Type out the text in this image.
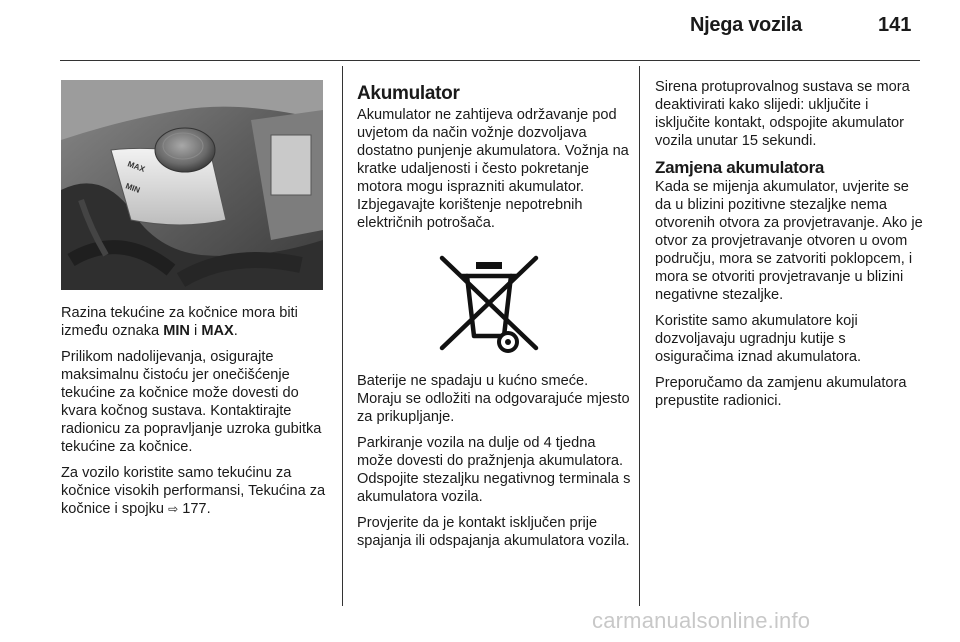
Njega vozila	141
MAX
MIN

Razina tekućine za kočnice mora biti između oznaka MIN i MAX.

Prilikom nadolijevanja, osigurajte maksimalnu čistoću jer onečišćenje tekućine za kočnice može dovesti do kvara kočnog sustava. Kontaktirajte radionicu za popravljanje uzroka gubitka tekućine za kočnice.

Za vozilo koristite samo tekućinu za kočnice visokih performansi, Tekućina za kočnice i spojku ⇨ 177.

Akumulator

Akumulator ne zahtijeva održavanje pod uvjetom da način vožnje dozvoljava dostatno punjenje akumulatora. Vožnja na kratke udaljenosti i često pokretanje motora mogu isprazniti akumulator.

Izbjegavajte korištenje nepotrebnih električnih potrošača.

Baterije ne spadaju u kućno smeće. Moraju se odložiti na odgovarajuće mjesto za prikupljanje.

Parkiranje vozila na dulje od 4 tjedna može dovesti do pražnjenja akumulatora. Odspojite stezaljku negativnog terminala s akumulatora vozila.

Provjerite da je kontakt isključen prije spajanja ili odspajanja akumulatora vozila.

Sirena protuprovalnog sustava se mora deaktivirati kako slijedi: uključite i isključite kontakt, odspojite akumulator vozila unutar 15 sekundi.

Zamjena akumulatora

Kada se mijenja akumulator, uvjerite se da u blizini pozitivne stezaljke nema otvorenih otvora za provjetravanje. Ako je otvor za provjetravanje otvoren u ovom području, mora se zatvoriti poklopcem, i mora se otvoriti provjetravanje u blizini negativne stezaljke.

Koristite samo akumulatore koji dozvoljavaju ugradnju kutije s osiguračima iznad akumulatora.

Preporučamo da zamjenu akumulatora prepustite radionici.

carmanualsonline.info
